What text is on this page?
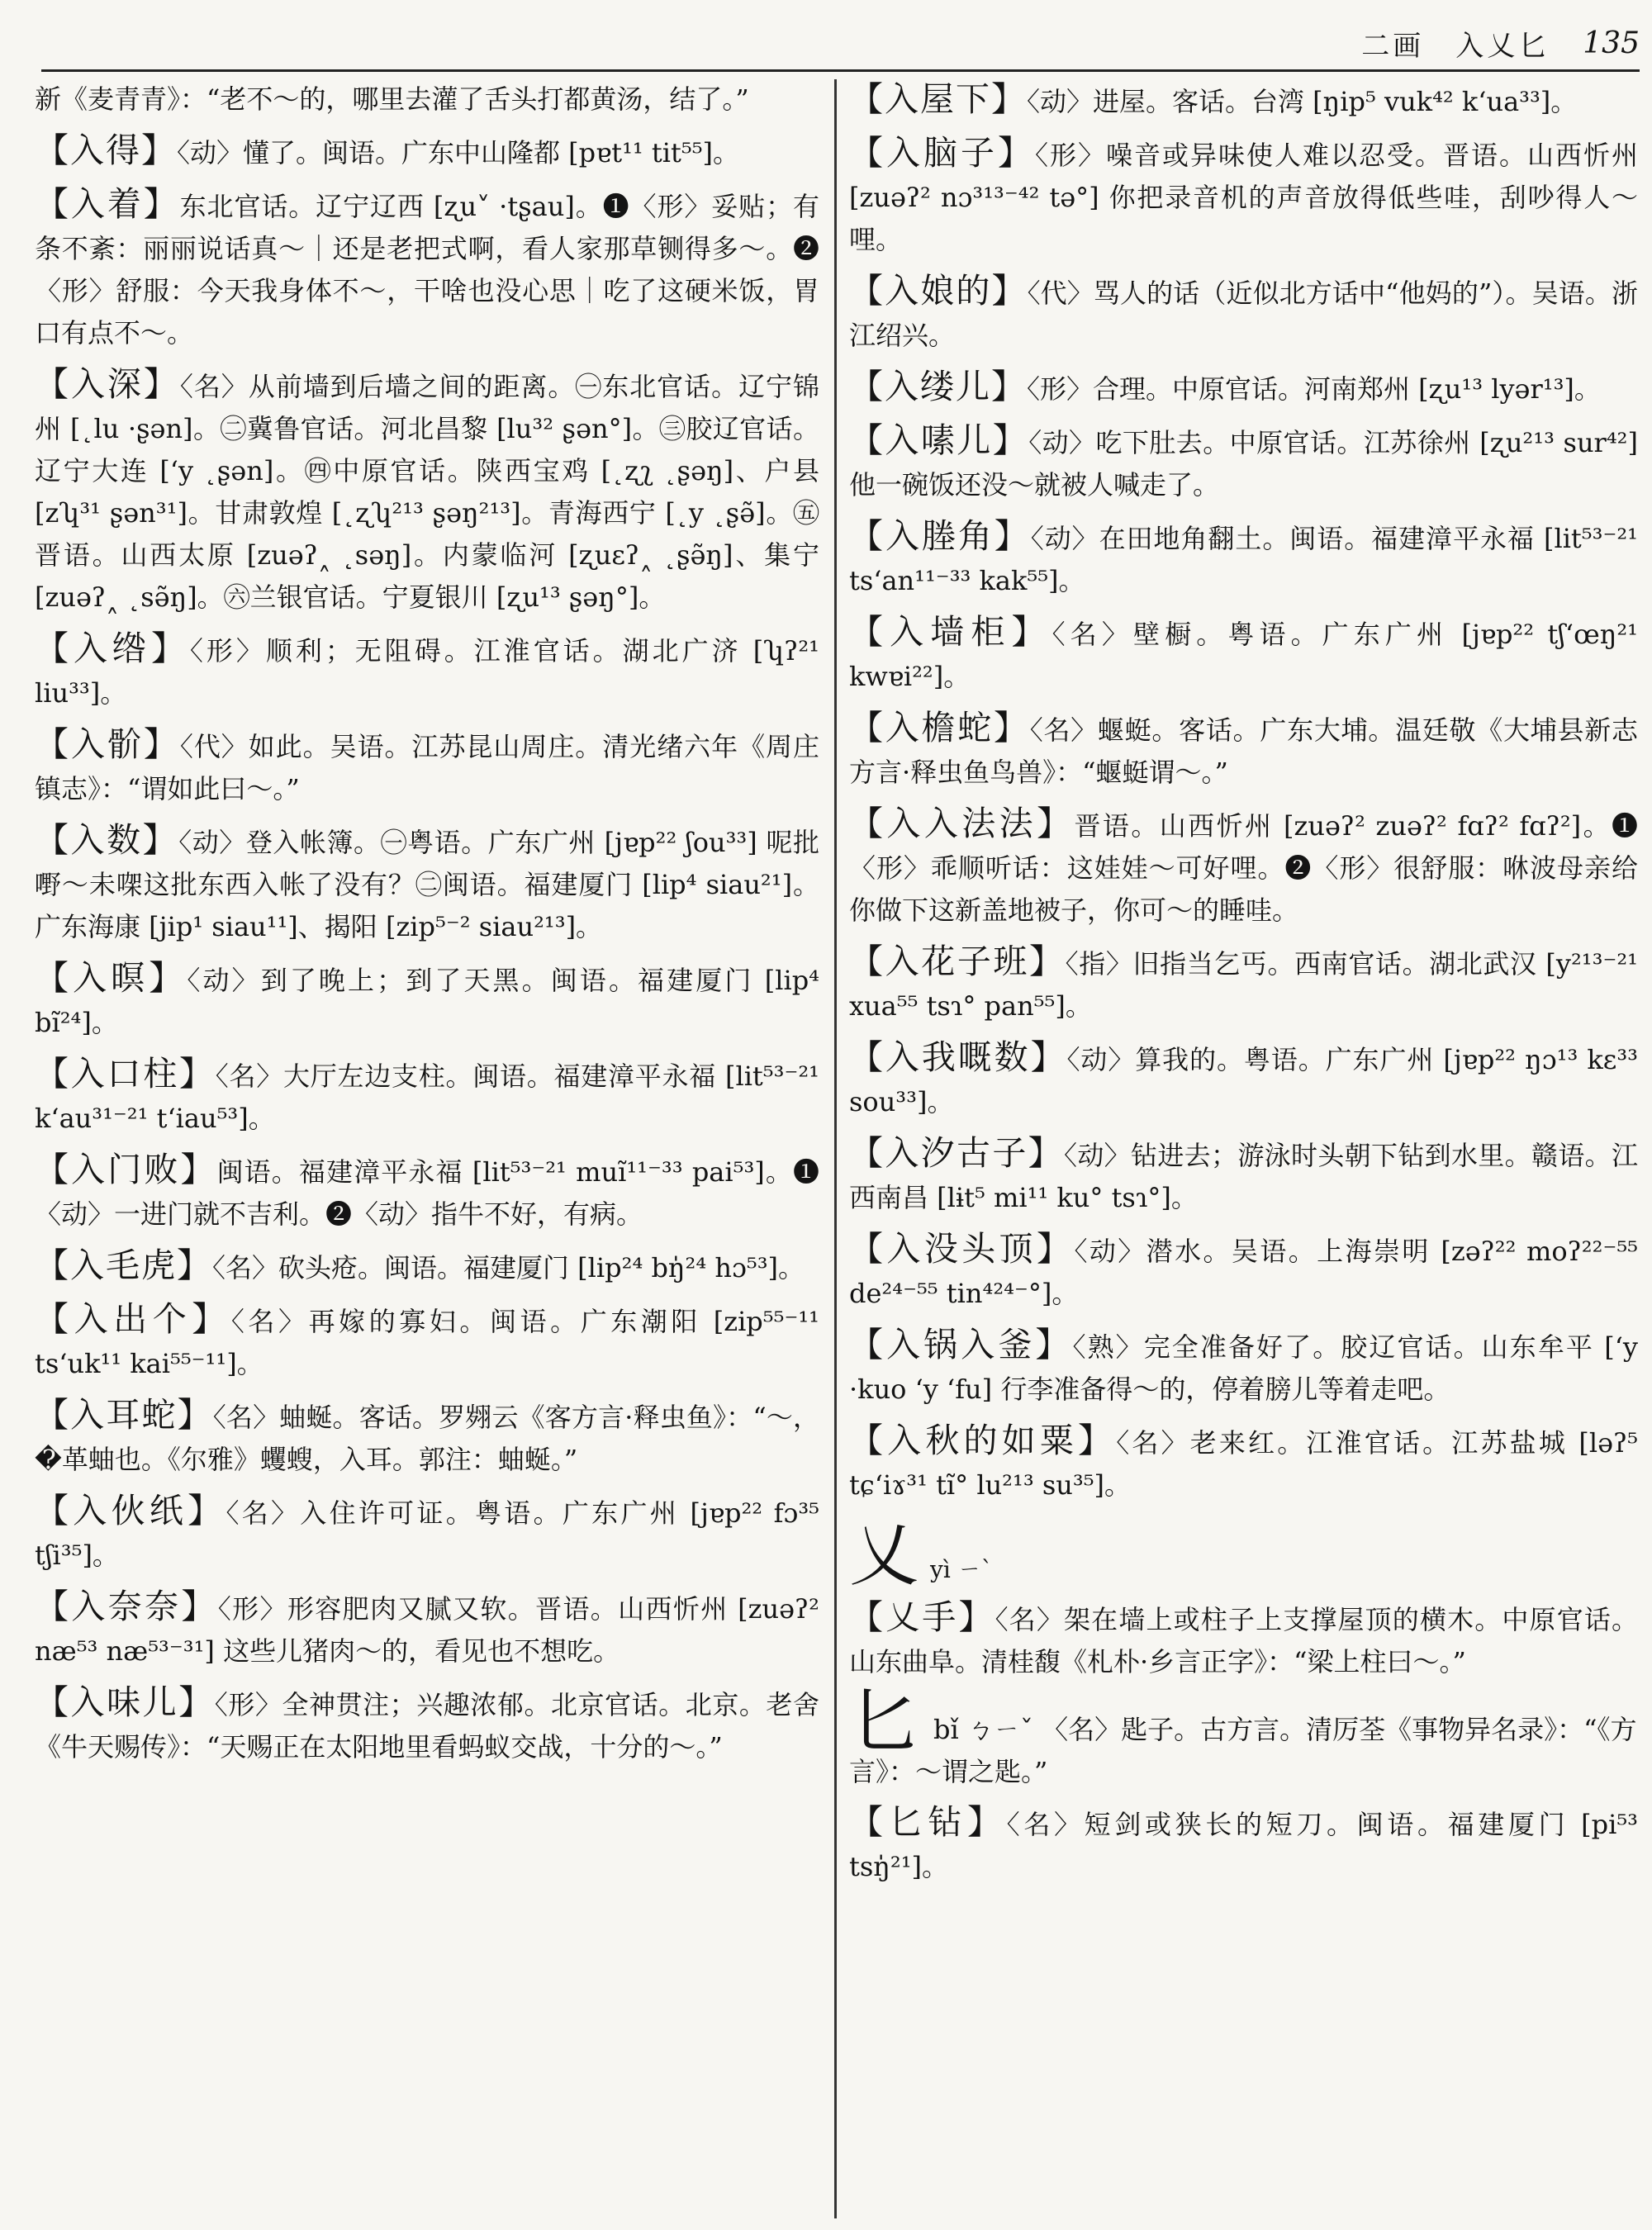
二画　入乂匕 135
新《麦青青》：“老不～的，哪里去灌了舌头打都黄汤，结了。”
【入得】〈动〉懂了。闽语。广东中山隆都 [pɐt¹¹ tit⁵⁵]。
【入着】东北官话。辽宁辽西 [ʐu˅ ·tʂau]。❶〈形〉妥贴；有条不紊：丽丽说话真～｜还是老把式啊，看人家那草铡得多～。❷〈形〉舒服：今天我身体不～，干啥也没心思｜吃了这硬米饭，胃口有点不～。
【入深】〈名〉从前墙到后墙之间的距离。㊀东北官话。辽宁锦州 [˛lu ·ʂən]。㊁冀鲁官话。河北昌黎 [lu³² ʂən°]。㊂胶辽官话。辽宁大连 [ʻy ˛ʂən]。㊃中原官话。陕西宝鸡 [˛ʐʅ ˛ʂəŋ]、户县 [zʮ³¹ ʂən³¹]。甘肃敦煌 [˛ʐʮ²¹³ ʂəŋ²¹³]。青海西宁 [˛y ˛ʂə̃]。㊄晋语。山西太原 [zuəʔ˰ ˛səŋ]。内蒙临河 [ʐuɛʔ˰ ˛ʂə̃ŋ]、集宁 [zuəʔ˰ ˛sə̃ŋ]。㊅兰银官话。宁夏银川 [ʐu¹³ ʂəŋ°]。
【入绺】〈形〉顺利；无阻碍。江淮官话。湖北广济 [ʮʔ²¹ liu³³]。
【入骱】〈代〉如此。吴语。江苏昆山周庄。清光绪六年《周庄镇志》：“谓如此曰～。”
【入数】〈动〉登入帐簿。㊀粤语。广东广州 [jɐp²² ʃou³³] 呢批嘢～未㗎这批东西入帐了没有？㊁闽语。福建厦门 [lip⁴ siau²¹]。广东海康 [jip¹ siau¹¹]、揭阳 [zip⁵⁻² siau²¹³]。
【入暝】〈动〉到了晚上；到了天黑。闽语。福建厦门 [lip⁴ bĩ²⁴]。
【入口柱】〈名〉大厅左边支柱。闽语。福建漳平永福 [lit⁵³⁻²¹ kʻau³¹⁻²¹ tʻiau⁵³]。
【入门败】闽语。福建漳平永福 [lit⁵³⁻²¹ muĩ¹¹⁻³³ pai⁵³]。❶〈动〉一进门就不吉利。❷〈动〉指牛不好，有病。
【入毛虎】〈名〉砍头疮。闽语。福建厦门 [lip²⁴ bŋ̍²⁴ hɔ⁵³]。
【入出个】〈名〉再嫁的寡妇。闽语。广东潮阳 [zip⁵⁵⁻¹¹ tsʻuk¹¹ kai⁵⁵⁻¹¹]。
【入耳蛇】〈名〉蚰蜒。客话。罗翙云《客方言·释虫鱼》：“～，�革蚰也。《尔雅》蠼螋，入耳。郭注：蚰蜒。”
【入伙纸】〈名〉入住许可证。粤语。广东广州 [jɐp²² fɔ³⁵ tʃi³⁵]。
【入奈奈】〈形〉形容肥肉又腻又软。晋语。山西忻州 [zuəʔ² næ⁵³ næ⁵³⁻³¹] 这些儿猪肉～的，看见也不想吃。
【入味儿】〈形〉全神贯注；兴趣浓郁。北京官话。北京。老舍《牛天赐传》：“天赐正在太阳地里看蚂蚁交战，十分的～。”
【入屋下】〈动〉进屋。客话。台湾 [ŋip⁵ vuk⁴² kʻua³³]。
【入脑子】〈形〉噪音或异味使人难以忍受。晋语。山西忻州 [zuəʔ² nɔ³¹³⁻⁴² tə°] 你把录音机的声音放得低些哇，刮吵得人～哩。
【入娘的】〈代〉骂人的话（近似北方话中“他妈的”）。吴语。浙江绍兴。
【入缕儿】〈形〉合理。中原官话。河南郑州 [ʐu¹³ lyər¹³]。
【入嗉儿】〈动〉吃下肚去。中原官话。江苏徐州 [ʐu²¹³ sur⁴²] 他一碗饭还没～就被人喊走了。
【入塍角】〈动〉在田地角翻土。闽语。福建漳平永福 [lit⁵³⁻²¹ tsʻan¹¹⁻³³ kak⁵⁵]。
【入墙柜】〈名〉壁橱。粤语。广东广州 [jɐp²² tʃʻœŋ²¹ kwɐi²²]。
【入檐蛇】〈名〉蝘蜓。客话。广东大埔。温廷敬《大埔县新志方言·释虫鱼鸟兽》：“蝘蜓谓～。”
【入入法法】晋语。山西忻州 [zuəʔ² zuəʔ² fɑʔ² fɑʔ²]。❶〈形〉乖顺听话：这娃娃～可好哩。❷〈形〉很舒服：咻波母亲给你做下这新盖地被子，你可～的睡哇。
【入花子班】〈指〉旧指当乞丐。西南官话。湖北武汉 [y²¹³⁻²¹ xua⁵⁵ tsɿ° pan⁵⁵]。
【入我嘅数】〈动〉算我的。粤语。广东广州 [jɐp²² ŋɔ¹³ kɛ³³ sou³³]。
【入汐古子】〈动〉钻进去；游泳时头朝下钻到水里。赣语。江西南昌 [lɨt⁵ mi¹¹ ku° tsɿ°]。
【入没头顶】〈动〉潜水。吴语。上海崇明 [zəʔ²² moʔ²²⁻⁵⁵ de²⁴⁻⁵⁵ tin⁴²⁴⁻°]。
【入锅入釜】〈熟〉完全准备好了。胶辽官话。山东牟平 [ʻy ·kuo ʻy ʻfu] 行李准备得～的，停着膀儿等着走吧。
【入秋的如粟】〈名〉老来红。江淮官话。江苏盐城 [ləʔ⁵ tɕʻiɤ³¹ tĩ° lu²¹³ su³⁵]。
乂 yì ㄧˋ
【乂手】〈名〉架在墙上或柱子上支撑屋顶的横木。中原官话。山东曲阜。清桂馥《札朴·乡言正字》：“梁上柱曰～。”
匕bǐ ㄅㄧˇ 〈名〉匙子。古方言。清厉荃《事物异名录》：“《方言》：～谓之匙。”
【匕钻】〈名〉短剑或狭长的短刀。闽语。福建厦门 [pi⁵³ tsŋ̍²¹]。
